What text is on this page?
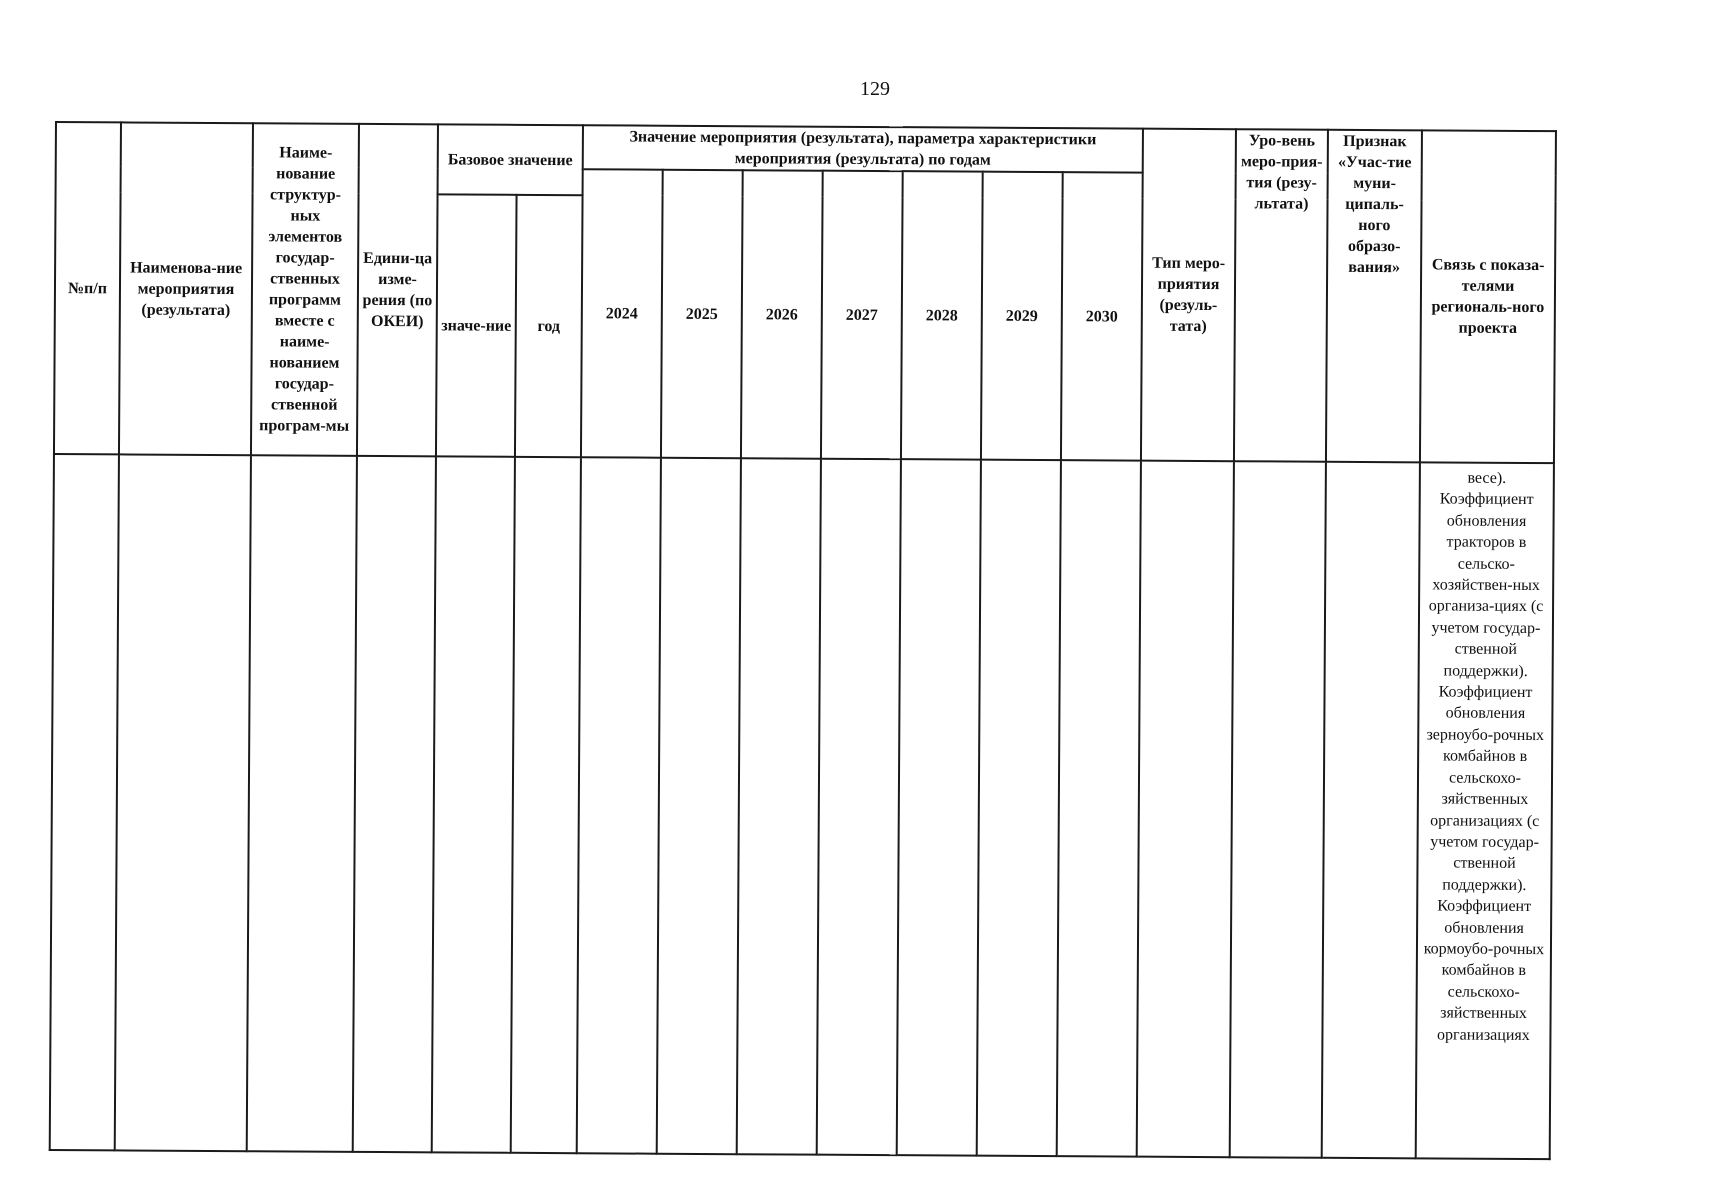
129
№п/п	Наименова-ние мероприятия (результата)	Наиме-нование структур-ных элементов государ-ственных программ вместе с наиме-нованием государ-ственной програм-мы	Едини-ца изме-рения (по ОКЕИ)	Базовое значение		Значение мероприятия (результата), параметра характеристики мероприятия (результата) по годам							Тип меро-приятия (резуль-тата)	Уро-вень меро-прия-тия (резу-льтата)	Признак «Учас-тие муни-ципаль-ного образо-вания»	Связь с показа-телями региональ-ного проекта
						2024	2025	2026	2027	2028	2029	2030				
				значе-ние	год											
																весе). Коэффициент обновления тракторов в сельско-хозяйствен-ных организа-циях (с учетом государ-ственной поддержки). Коэффициент обновления зерноубо-рочных комбайнов в сельскохо-зяйственных организациях (с учетом государ-ственной поддержки). Коэффициент обновления кормоубо-рочных комбайнов в сельскохо-зяйственных организациях
